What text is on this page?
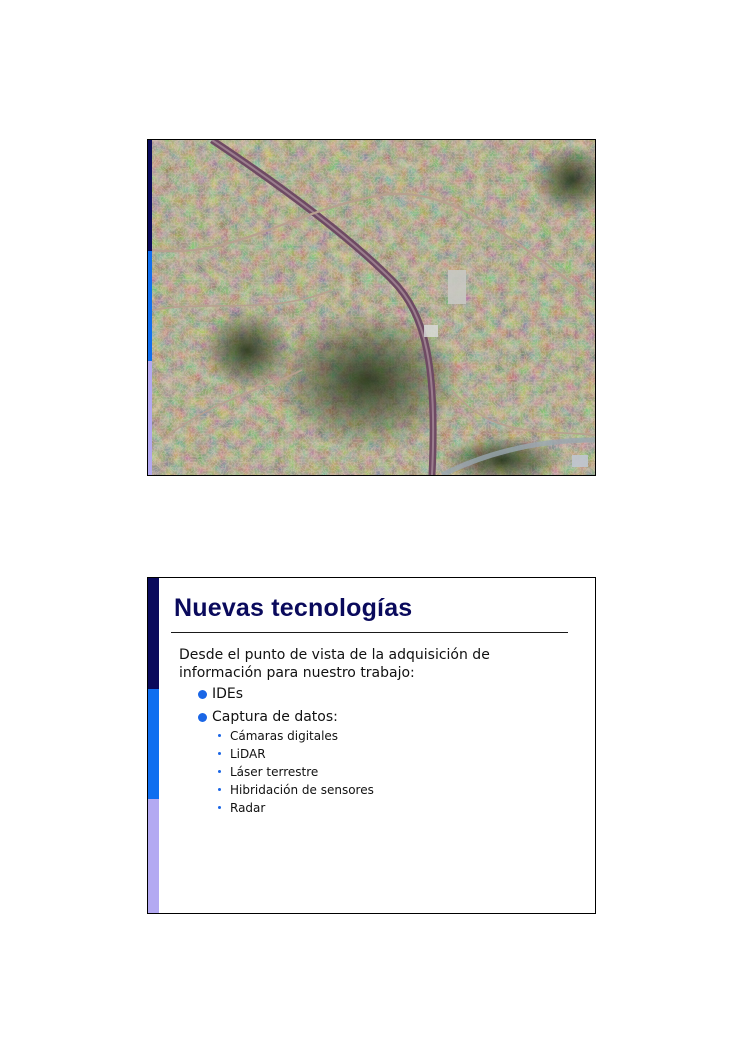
Nuevas tecnologías

Desde el punto de vista de la adquisición de información para nuestro trabajo:

IDEs
Captura de datos:
Cámaras digitales
LiDAR
Láser terrestre
Hibridación de sensores
Radar
